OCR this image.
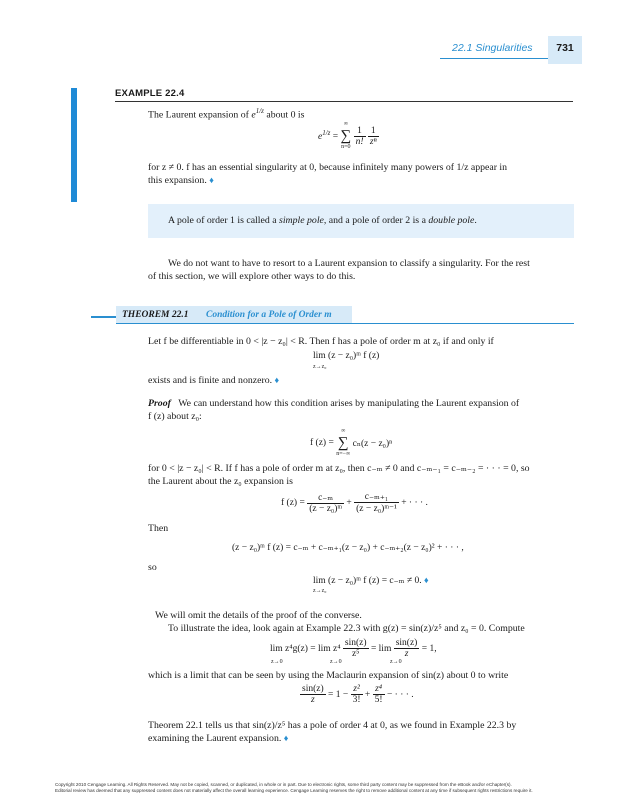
22.1 Singularities	731
EXAMPLE 22.4
The Laurent expansion of $e^{1/z}$ about 0 is
$e^{1/z}$ =
∞
∑
n=0

$\frac{1}{n!}$
$\frac{1}{\text{zⁿ}}$
for z ≠ 0. f has an essential singularity at 0, because infinitely many powers of 1/z appear in
this expansion. ♦
A pole of order 1 is called a simple pole, and a pole of order 2 is a double pole.
We do not want to have to resort to a Laurent expansion to classify a singularity. For the rest
of this section, we will explore other ways to do this.
THEOREM 22.1 Condition for a Pole of Order m
Let f be differentiable in 0 < |z − z₀| < R. Then f has a pole of order m at z₀ if and only if
lim (z − z₀)ᵐ f (z)
z→z₀
exists and is finite and nonzero. ♦
Proof We can understand how this condition arises by manipulating the Laurent expansion of
f (z) about z₀:
f (z) =
∞
∑
n=−∞
cₙ(z − z₀)ⁿ
for 0 < |z − z₀| < R. If f has a pole of order m at z₀, then c₋ₘ ≠ 0 and c₋ₘ₋₁ = c₋ₘ₋₂ = · · · = 0, so
the Laurent about the z₀ expansion is
f $(z) = \frac{\text{c₋ₘ}}{\text{(z − z₀)ᵐ}} + \frac{\text{c₋ₘ₊₁}}{\text{(z − z₀)ᵐ⁻¹}}$ + · · · .
Then
(z − z₀)ᵐ f (z) = c₋ₘ + c₋ₘ₊₁(z − z₀) + c₋ₘ₊₂(z − z₀)² + · · · ,
so
lim (z − z₀)ᵐ f (z) = c₋ₘ ≠ 0. ♦
z→z₀
We will omit the details of the proof of the converse.
To illustrate the idea, look again at Example 22.3 with g(z) = sin(z)/z⁵ and z₀ = 0. Compute
$\lim z^4g(z) = \lim z^4 \frac{\sin(z)}{\text{z⁵}} = \lim \frac{\sin(z)}{z} = 1$,
z→0	z→0	z→0
which is a limit that can be seen by using the Maclaurin expansion of sin(z) about 0 to write
$\frac{\sin(z)}{z} = 1 - \frac{\text{z²}}{3!} + \frac{\text{z⁴}}{5!}$ − · · · .
Theorem 22.1 tells us that sin(z)/z⁵ has a pole of order 4 at 0, as we found in Example 22.3 by
examining the Laurent expansion. ♦
Copyright 2010 Cengage Learning. All Rights Reserved. May not be copied, scanned, or duplicated, in whole or in part. Due to electronic rights, some third party content may be suppressed from the eBook and/or eChapter(s).
Editorial review has deemed that any suppressed content does not materially affect the overall learning experience. Cengage Learning reserves the right to remove additional content at any time if subsequent rights restrictions require it.
